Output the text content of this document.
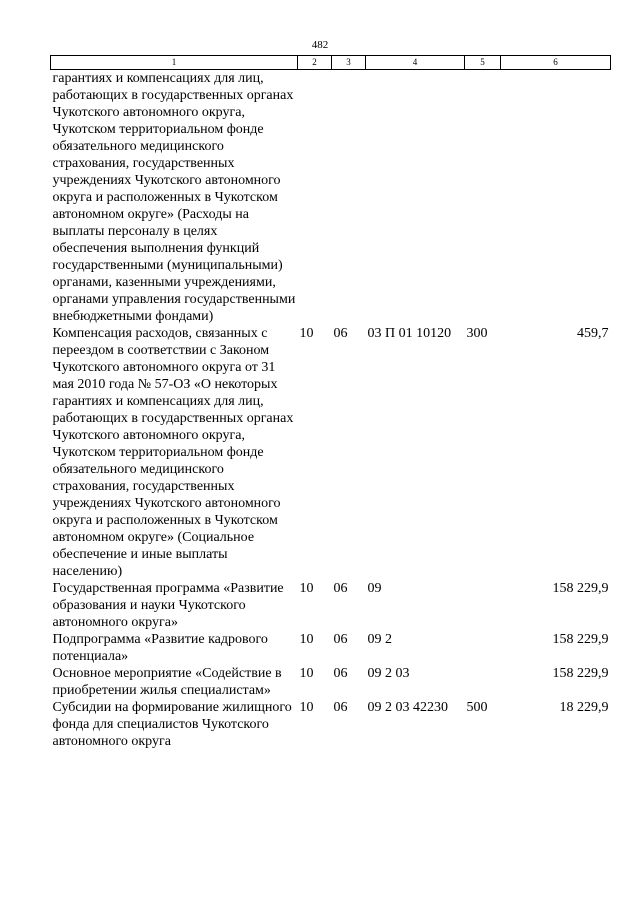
482
1	2	3	4	5	6
гарантиях и компенсациях для лиц, работающих в государственных органах Чукотского автономного округа, Чукотском территориальном фонде обязательного медицинского страхования, государственных учреждениях Чукотского автономного округа и расположенных в Чукотском автономном округе» (Расходы на выплаты персоналу в целях обеспечения выполнения функций государственными (муниципальными) органами, казенными учреждениями, органами управления государственными внебюджетными фондами)					
Компенсация расходов, связанных с переездом в соответствии с Законом Чукотского автономного округа от 31 мая 2010 года № 57-ОЗ «О некоторых гарантиях и компенсациях для лиц, работающих в государственных органах Чукотского автономного округа, Чукотском территориальном фонде обязательного медицинского страхования, государственных учреждениях Чукотского автономного округа и расположенных в Чукотском автономном округе» (Социальное обеспечение и иные выплаты населению)	10	06	03 П 01 10120	300	459,7
Государственная программа «Развитие образования и науки Чукотского автономного округа»	10	06	09		158 229,9
Подпрограмма «Развитие кадрового потенциала»	10	06	09 2		158 229,9
Основное мероприятие «Содействие в приобретении жилья специалистам»	10	06	09 2 03		158 229,9
Субсидии на формирование жилищного фонда для специалистов Чукотского автономного округа	10	06	09 2 03 42230	500	18 229,9
